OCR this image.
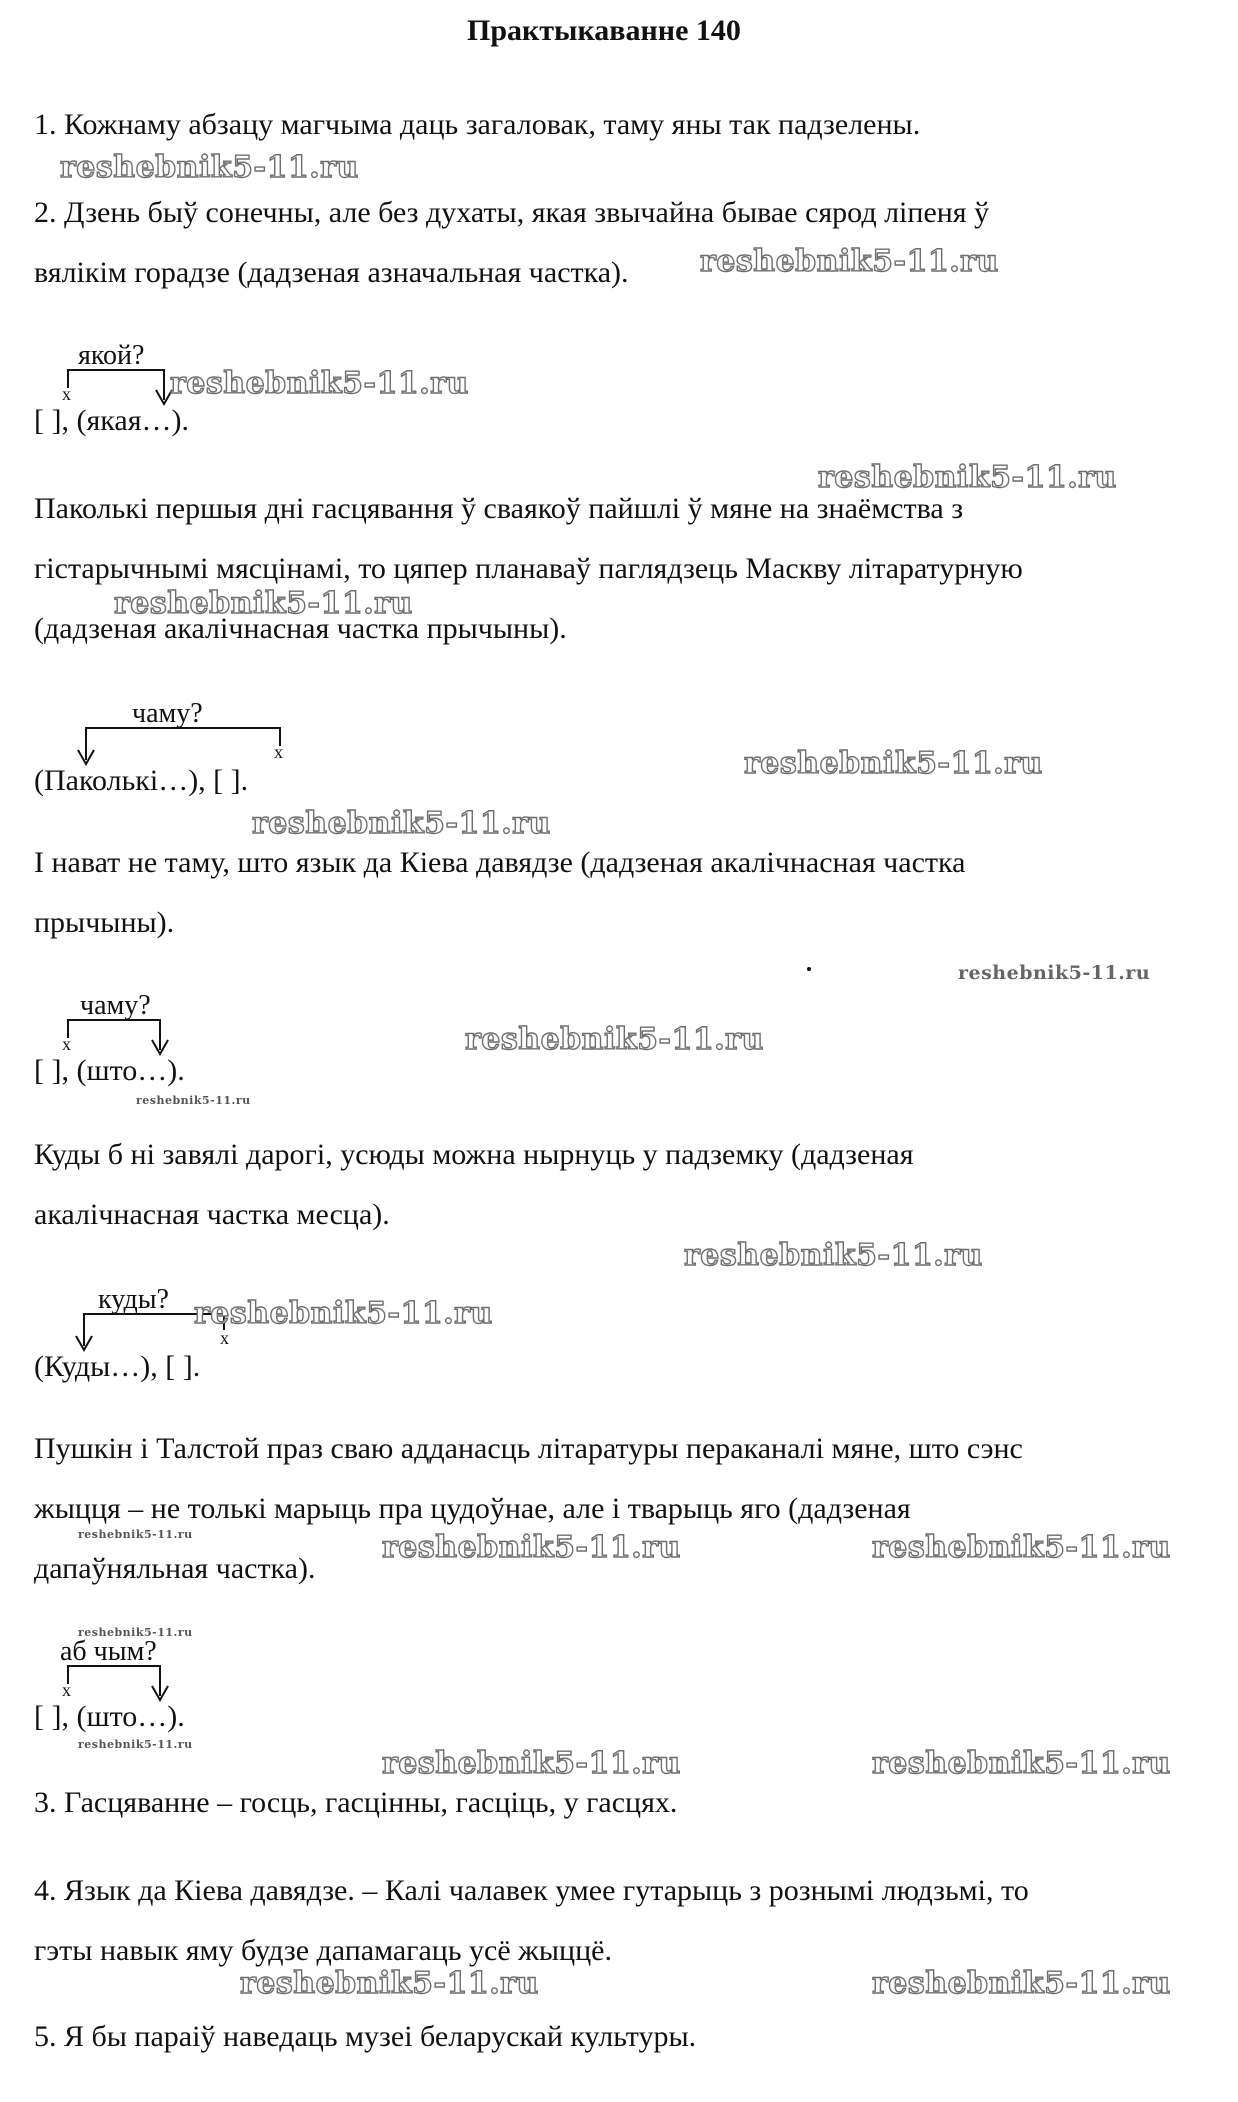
Практыкаванне 140
1. Кожнаму абзацу магчыма даць загаловак, таму яны так падзелены.
2. Дзень быў сонечны, але без духаты, якая звычайна бывае сярод ліпеня ў
вялікім горадзе (дадзеная азначальная частка).
якой?
x
[ ], (якая…).
Паколькі першыя дні гасцявання ў сваякоў пайшлі ў мяне на знаёмства з
гістарычнымі мясцінамі, то цяпер планаваў паглядзець Маскву літаратурную
(дадзеная акалічнасная частка прычыны).
чаму?
x
(Паколькі…), [ ].
І нават не таму, што язык да Кіева давядзе (дадзеная акалічнасная частка
прычыны).
чаму?
x
[ ], (што…).
Куды б ні завялі дарогі, усюды можна нырнуць у падземку (дадзеная
акалічнасная частка месца).
куды?
x
(Куды…), [ ].
Пушкін і Талстой праз сваю адданасць літаратуры пераканалі мяне, што сэнс
жыцця – не толькі марыць пра цудоўнае, але і тварыць яго (дадзеная
дапаўняльная частка).
аб чым?
x
[ ], (што…).
3. Гасцяванне – госць, гасцінны, гасціць, у гасцях.
4. Язык да Кіева давядзе. – Калі чалавек умее гутарыць з рознымі людзьмі, то
гэты навык яму будзе дапамагаць усё жыццё.
5. Я бы параіў наведаць музеі беларускай культуры.
reshebnik5-11.ru
reshebnik5-11.ru
reshebnik5-11.ru
reshebnik5-11.ru
reshebnik5-11.ru
reshebnik5-11.ru
reshebnik5-11.ru
reshebnik5-11.ru
reshebnik5-11.ru
reshebnik5-11.ru
reshebnik5-11.ru
reshebnik5-11.ru
reshebnik5-11.ru	reshebnik5-11.ru	reshebnik5-11.ru
reshebnik5-11.ru
reshebnik5-11.ru
reshebnik5-11.ru	reshebnik5-11.ru
reshebnik5-11.ru	reshebnik5-11.ru
